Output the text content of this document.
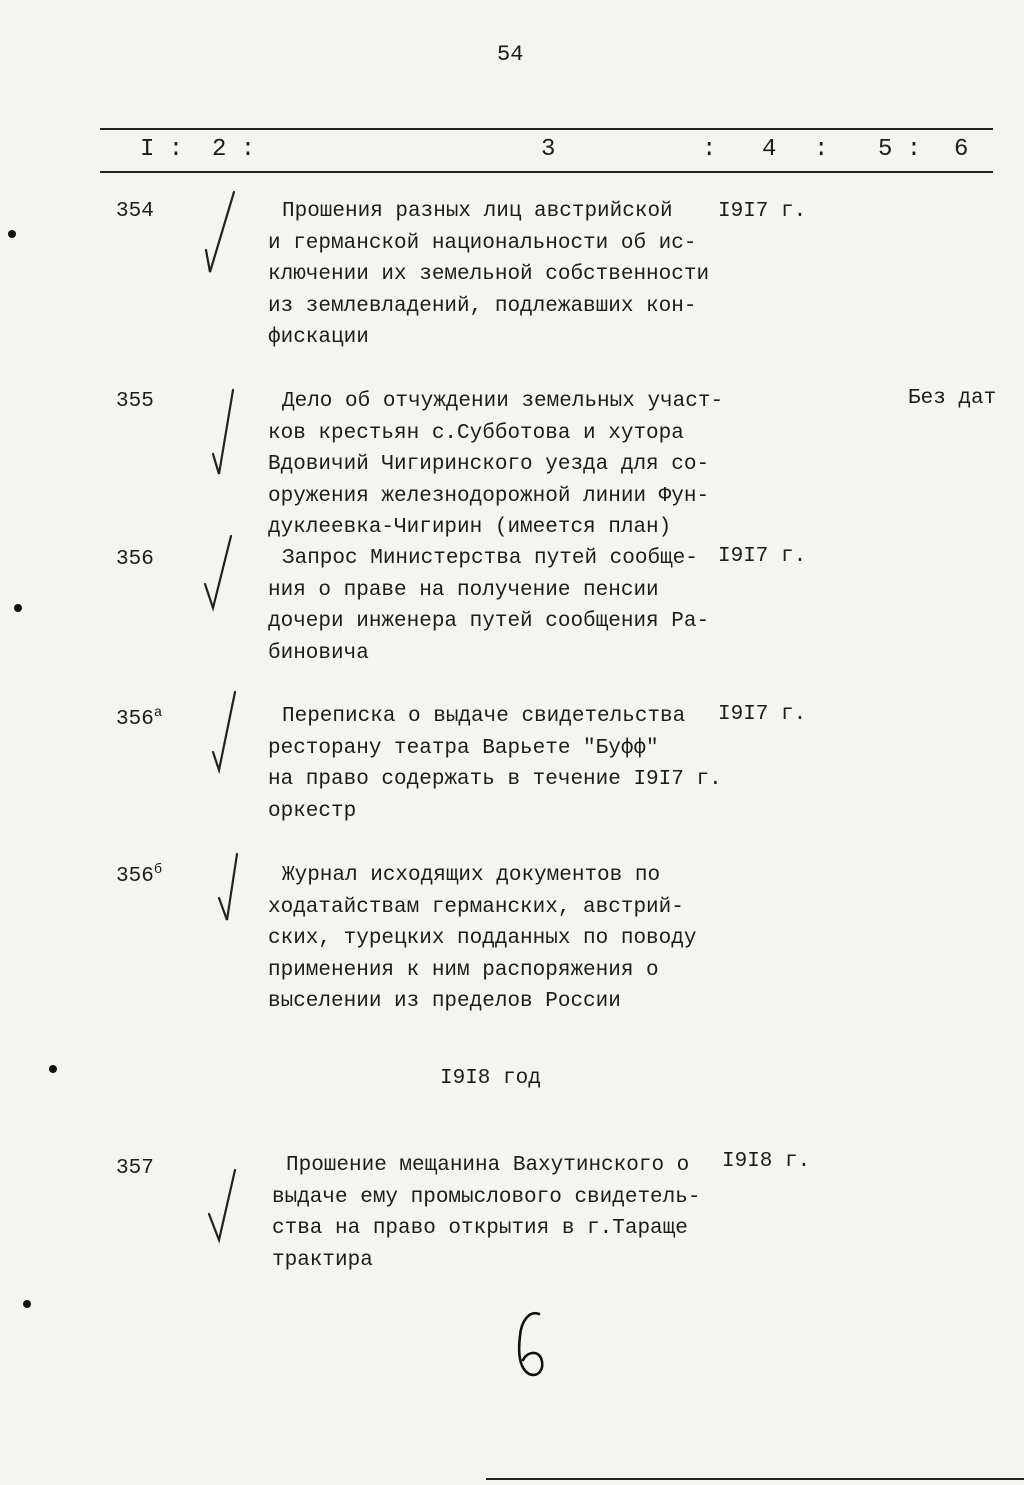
54
I : 2 :	3	: 4 : 5 : 6
354	Прошения разных лиц австрийской
и германской национальности об ис-
ключении их земельной собственности
из землевладений, подлежавших кон-
фискации
I9I7 г.
355	Дело об отчуждении земельных участ-
ков крестьян с.Субботова и хутора
Вдовичий Чигиринского уезда для со-
оружения железнодорожной линии Фун-
дуклеевка-Чигирин (имеется план)
Без дат
356	Запрос Министерства путей сообще-
ния о праве на получение пенсии
дочери инженера путей сообщения Ра-
биновича
I9I7 г.
$356^а$	Переписка о выдаче свидетельства
ресторану театра Варьете "Буфф"
на право содержать в течение I9I7 г.
оркестр
I9I7 г.
$356^б$	Журнал исходящих документов по
ходатайствам германских, австрий-
ских, турецких подданных по поводу
применения к ним распоряжения о
выселении из пределов России
I9I8 год
357	Прошение мещанина Вахутинского о
выдаче ему промыслового свидетель-
ства на право открытия в г.Таращe
трактира
I9I8 г.
